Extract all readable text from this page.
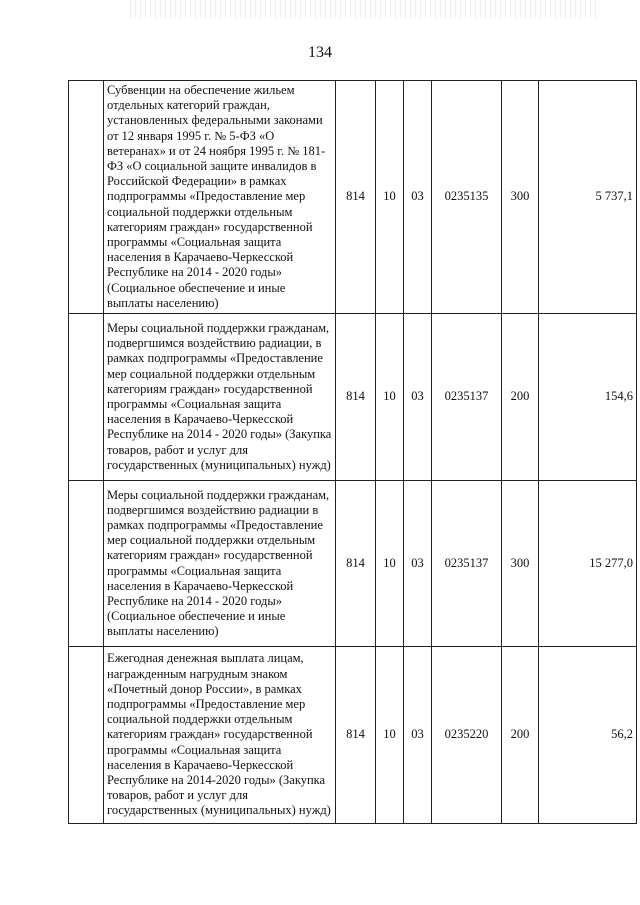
134
	Субвенции на обеспечение жильем отдельных категорий граждан, установленных федеральными законами от 12 января 1995 г. № 5-ФЗ «О ветеранах» и от 24 ноября 1995 г. № 181-ФЗ «О социальной защите инвалидов в Российской Федерации» в рамках подпрограммы «Предоставление мер социальной поддержки отдельным категориям граждан» государственной программы «Социальная защита населения в Карачаево-Черкесской Республике на 2014 - 2020 годы» (Социальное обеспечение и иные выплаты населению)	814	10	03	0235135	300	5 737,1
	Меры социальной поддержки гражданам, подвергшимся воздействию радиации, в рамках подпрограммы «Предоставление мер социальной поддержки отдельным категориям граждан» государственной программы «Социальная защита населения в Карачаево-Черкесской Республике на 2014 - 2020 годы» (Закупка товаров, работ и услуг для государственных (муниципальных) нужд)	814	10	03	0235137	200	154,6
	Меры социальной поддержки гражданам, подвергшимся воздействию радиации в рамках подпрограммы «Предоставление мер социальной поддержки отдельным категориям граждан» государственной программы «Социальная защита населения в Карачаево-Черкесской Республике на 2014 - 2020 годы» (Социальное обеспечение и иные выплаты населению)	814	10	03	0235137	300	15 277,0
	Ежегодная денежная выплата лицам, награжденным нагрудным знаком «Почетный донор России», в рамках подпрограммы «Предоставление мер социальной поддержки отдельным категориям граждан» государственной программы «Социальная защита населения в Карачаево-Черкесской Республике на 2014-2020 годы» (Закупка товаров, работ и услуг для государственных (муниципальных) нужд)	814	10	03	0235220	200	56,2
